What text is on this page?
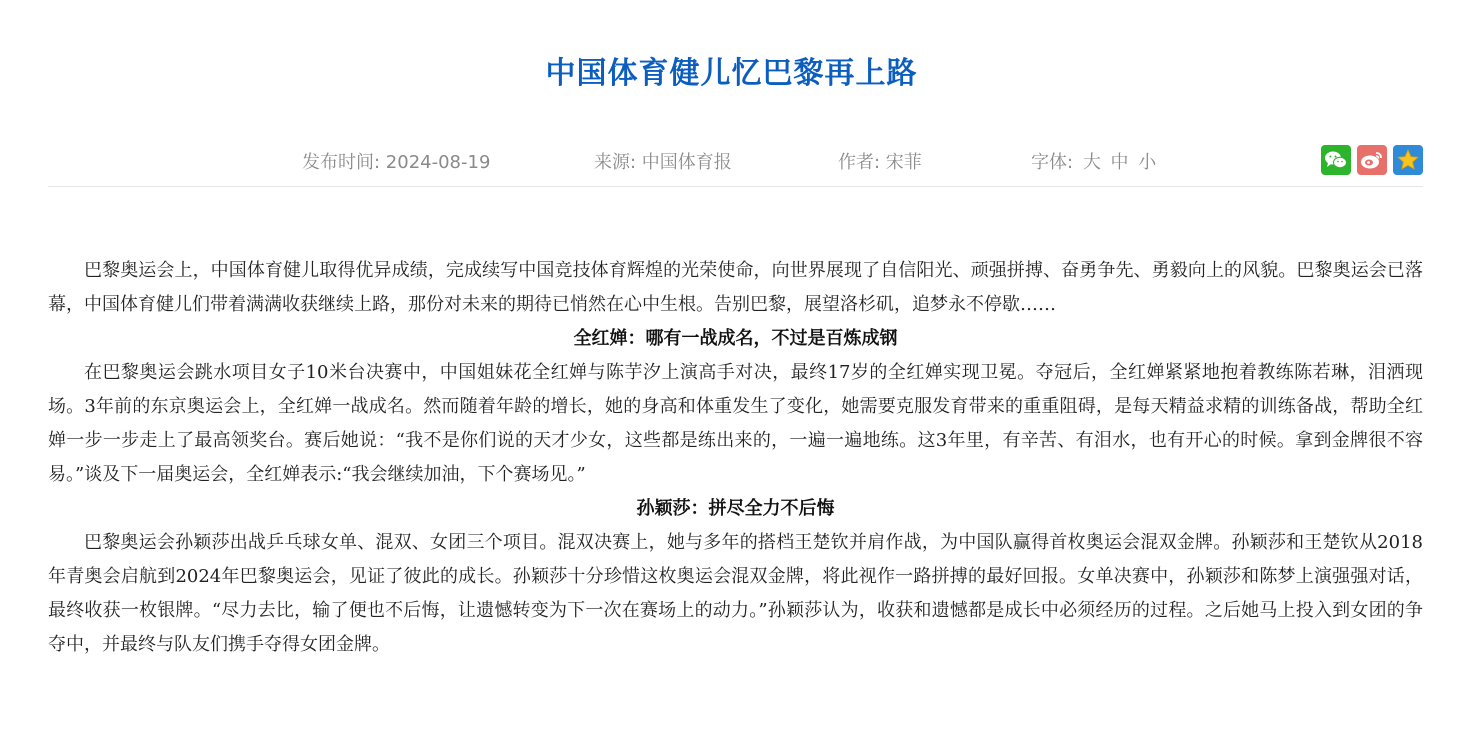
中国体育健儿忆巴黎再上路
发布时间: 2024-08-19	来源: 中国体育报	作者: 宋菲	字体: 大 中 小

巴黎奥运会上，中国体育健儿取得优异成绩，完成续写中国竞技体育辉煌的光荣使命，向世界展现了自信阳光、顽强拼搏、奋勇争先、勇毅向上的风貌。巴黎奥运会已落幕，中国体育健儿们带着满满收获继续上路，那份对未来的期待已悄然在心中生根。告别巴黎，展望洛杉矶，追梦永不停歇……

全红婵：哪有一战成名，不过是百炼成钢

在巴黎奥运会跳水项目女子10米台决赛中，中国姐妹花全红婵与陈芋汐上演高手对决，最终17岁的全红婵实现卫冕。夺冠后，全红婵紧紧地抱着教练陈若琳，泪洒现场。3年前的东京奥运会上，全红婵一战成名。然而随着年龄的增长，她的身高和体重发生了变化，她需要克服发育带来的重重阻碍，是每天精益求精的训练备战，帮助全红婵一步一步走上了最高领奖台。赛后她说：“我不是你们说的天才少女，这些都是练出来的，一遍一遍地练。这3年里，有辛苦、有泪水，也有开心的时候。拿到金牌很不容易。”谈及下一届奥运会，全红婵表示:“我会继续加油，下个赛场见。”

孙颖莎：拼尽全力不后悔

巴黎奥运会孙颖莎出战乒乓球女单、混双、女团三个项目。混双决赛上，她与多年的搭档王楚钦并肩作战，为中国队赢得首枚奥运会混双金牌。孙颖莎和王楚钦从2018年青奥会启航到2024年巴黎奥运会，见证了彼此的成长。孙颖莎十分珍惜这枚奥运会混双金牌，将此视作一路拼搏的最好回报。女单决赛中，孙颖莎和陈梦上演强强对话，最终收获一枚银牌。“尽力去比，输了便也不后悔，让遗憾转变为下一次在赛场上的动力。”孙颖莎认为，收获和遗憾都是成长中必须经历的过程。之后她马上投入到女团的争夺中，并最终与队友们携手夺得女团金牌。
